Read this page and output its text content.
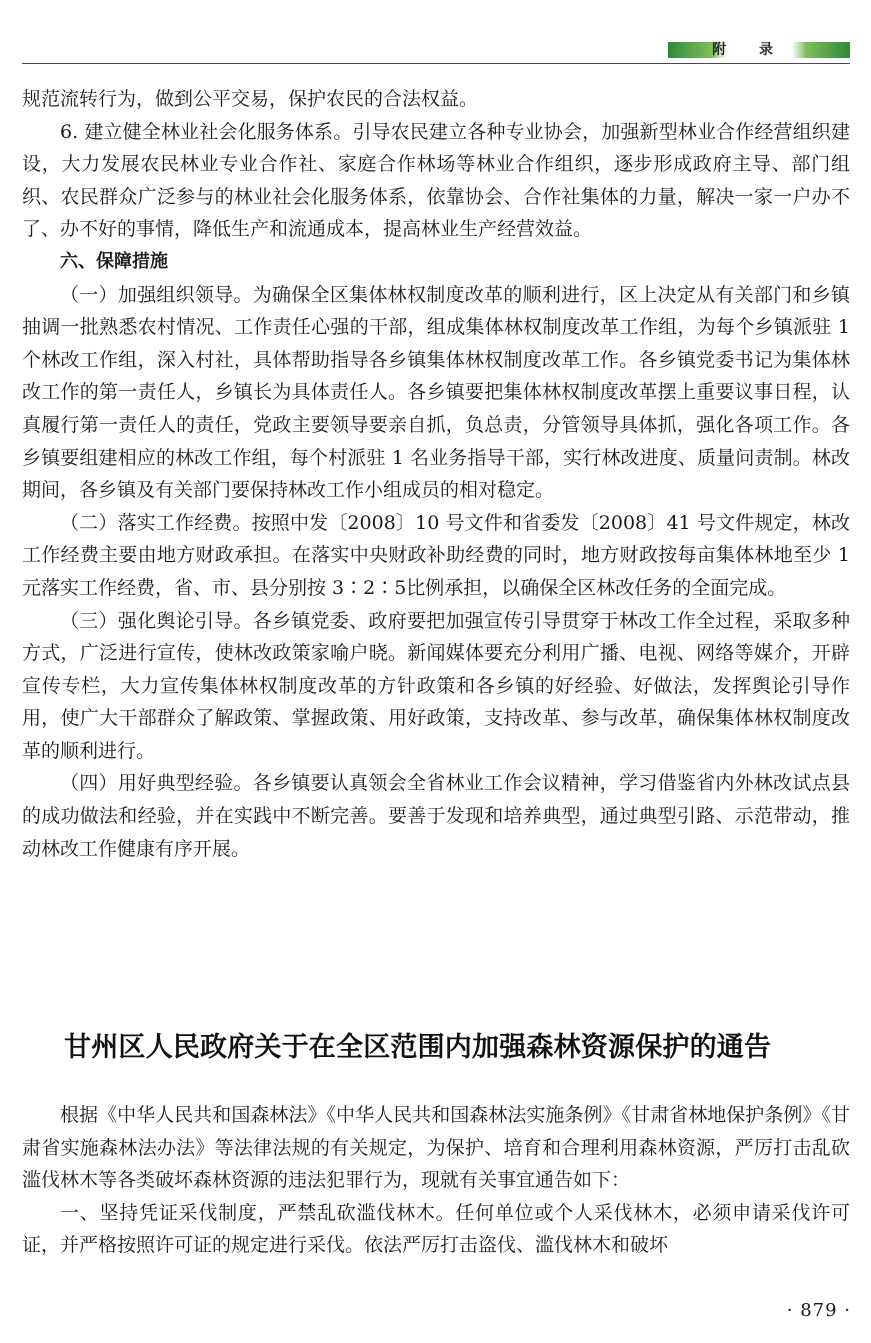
附 录

规范流转行为，做到公平交易，保护农民的合法权益。

6. 建立健全林业社会化服务体系。引导农民建立各种专业协会，加强新型林业合作经营组织建设，大力发展农民林业专业合作社、家庭合作林场等林业合作组织，逐步形成政府主导、部门组织、农民群众广泛参与的林业社会化服务体系，依靠协会、合作社集体的力量，解决一家一户办不了、办不好的事情，降低生产和流通成本，提高林业生产经营效益。

六、保障措施

（一）加强组织领导。为确保全区集体林权制度改革的顺利进行，区上决定从有关部门和乡镇抽调一批熟悉农村情况、工作责任心强的干部，组成集体林权制度改革工作组，为每个乡镇派驻 1 个林改工作组，深入村社，具体帮助指导各乡镇集体林权制度改革工作。各乡镇党委书记为集体林改工作的第一责任人，乡镇长为具体责任人。各乡镇要把集体林权制度改革摆上重要议事日程，认真履行第一责任人的责任，党政主要领导要亲自抓，负总责，分管领导具体抓，强化各项工作。各乡镇要组建相应的林改工作组，每个村派驻 1 名业务指导干部，实行林改进度、质量问责制。林改期间，各乡镇及有关部门要保持林改工作小组成员的相对稳定。

（二）落实工作经费。按照中发〔2008〕10 号文件和省委发〔2008〕41 号文件规定，林改工作经费主要由地方财政承担。在落实中央财政补助经费的同时，地方财政按每亩集体林地至少 1 元落实工作经费，省、市、县分别按 3∶2∶5比例承担，以确保全区林改任务的全面完成。

（三）强化舆论引导。各乡镇党委、政府要把加强宣传引导贯穿于林改工作全过程，采取多种方式，广泛进行宣传，使林改政策家喻户晓。新闻媒体要充分利用广播、电视、网络等媒介，开辟宣传专栏，大力宣传集体林权制度改革的方针政策和各乡镇的好经验、好做法，发挥舆论引导作用，使广大干部群众了解政策、掌握政策、用好政策，支持改革、参与改革，确保集体林权制度改革的顺利进行。

（四）用好典型经验。各乡镇要认真领会全省林业工作会议精神，学习借鉴省内外林改试点县的成功做法和经验，并在实践中不断完善。要善于发现和培养典型，通过典型引路、示范带动，推动林改工作健康有序开展。

甘州区人民政府关于在全区范围内加强森林资源保护的通告

根据《中华人民共和国森林法》《中华人民共和国森林法实施条例》《甘肃省林地保护条例》《甘肃省实施森林法办法》等法律法规的有关规定，为保护、培育和合理利用森林资源，严厉打击乱砍滥伐林木等各类破坏森林资源的违法犯罪行为，现就有关事宜通告如下：

一、坚持凭证采伐制度，严禁乱砍滥伐林木。任何单位或个人采伐林木，必须申请采伐许可证，并严格按照许可证的规定进行采伐。依法严厉打击盗伐、滥伐林木和破坏

· 879 ·
